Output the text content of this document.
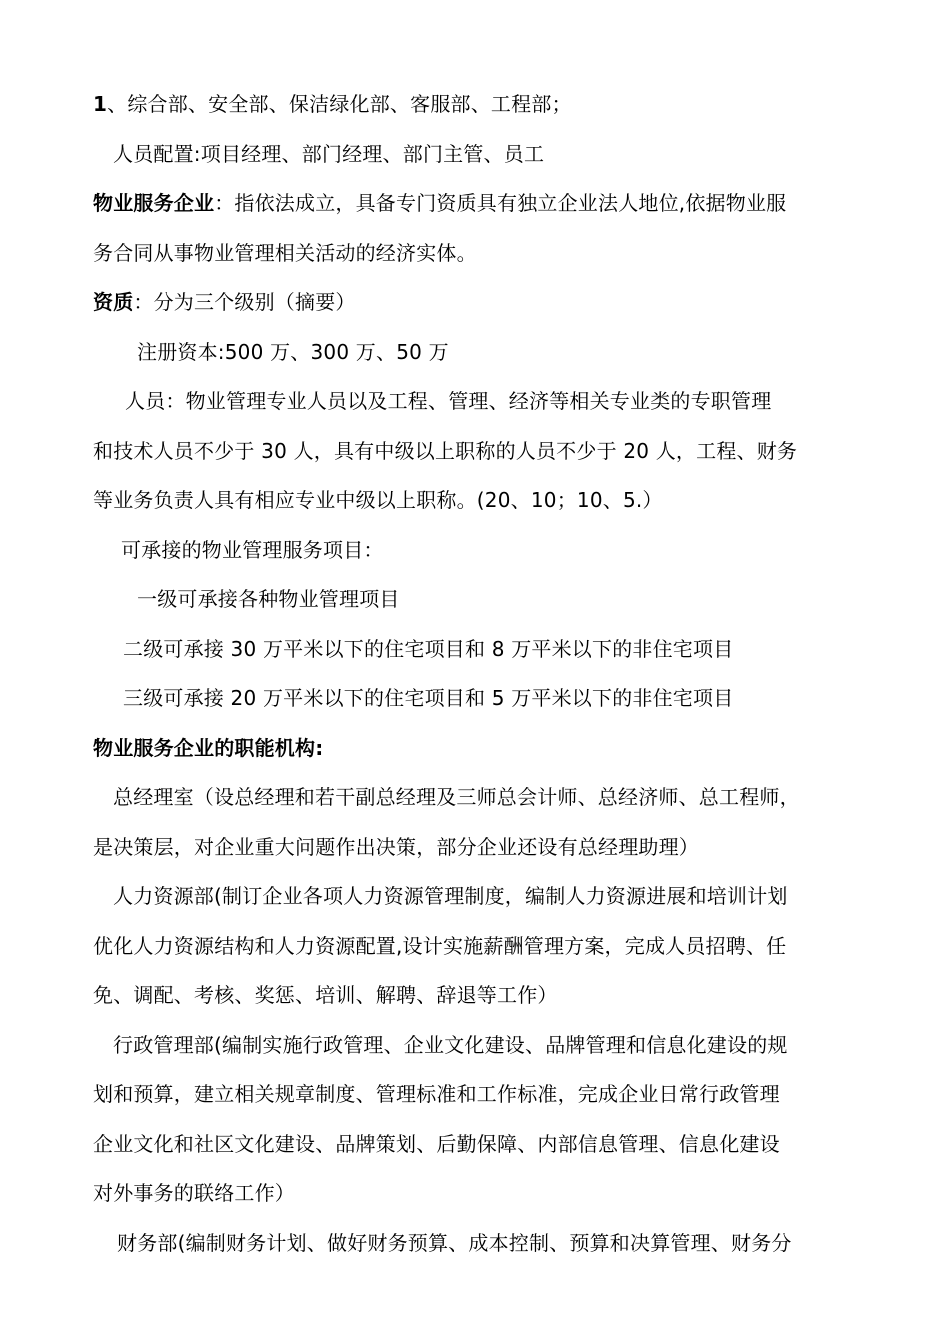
1、综合部、安全部、保洁绿化部、客服部、工程部；
人员配置:项目经理、部门经理、部门主管、员工
物业服务企业：指依法成立，具备专门资质具有独立企业法人地位,依据物业服
务合同从事物业管理相关活动的经济实体。
资质：分为三个级别（摘要）
注册资本:500 万、300 万、50 万
人员：物业管理专业人员以及工程、管理、经济等相关专业类的专职管理
和技术人员不少于 30 人，具有中级以上职称的人员不少于 20 人，工程、财务
等业务负责人具有相应专业中级以上职称。(20、10；10、5.）
可承接的物业管理服务项目：
一级可承接各种物业管理项目
二级可承接 30 万平米以下的住宅项目和 8 万平米以下的非住宅项目
三级可承接 20 万平米以下的住宅项目和 5 万平米以下的非住宅项目
物业服务企业的职能机构:
总经理室（设总经理和若干副总经理及三师总会计师、总经济师、总工程师，
是决策层，对企业重大问题作出决策，部分企业还设有总经理助理）
人力资源部(制订企业各项人力资源管理制度，编制人力资源进展和培训计划
优化人力资源结构和人力资源配置,设计实施薪酬管理方案，完成人员招聘、任
免、调配、考核、奖惩、培训、解聘、辞退等工作）
行政管理部(编制实施行政管理、企业文化建设、品牌管理和信息化建设的规
划和预算，建立相关规章制度、管理标准和工作标准，完成企业日常行政管理
企业文化和社区文化建设、品牌策划、后勤保障、内部信息管理、信息化建设
对外事务的联络工作）
财务部(编制财务计划、做好财务预算、成本控制、预算和决算管理、财务分
